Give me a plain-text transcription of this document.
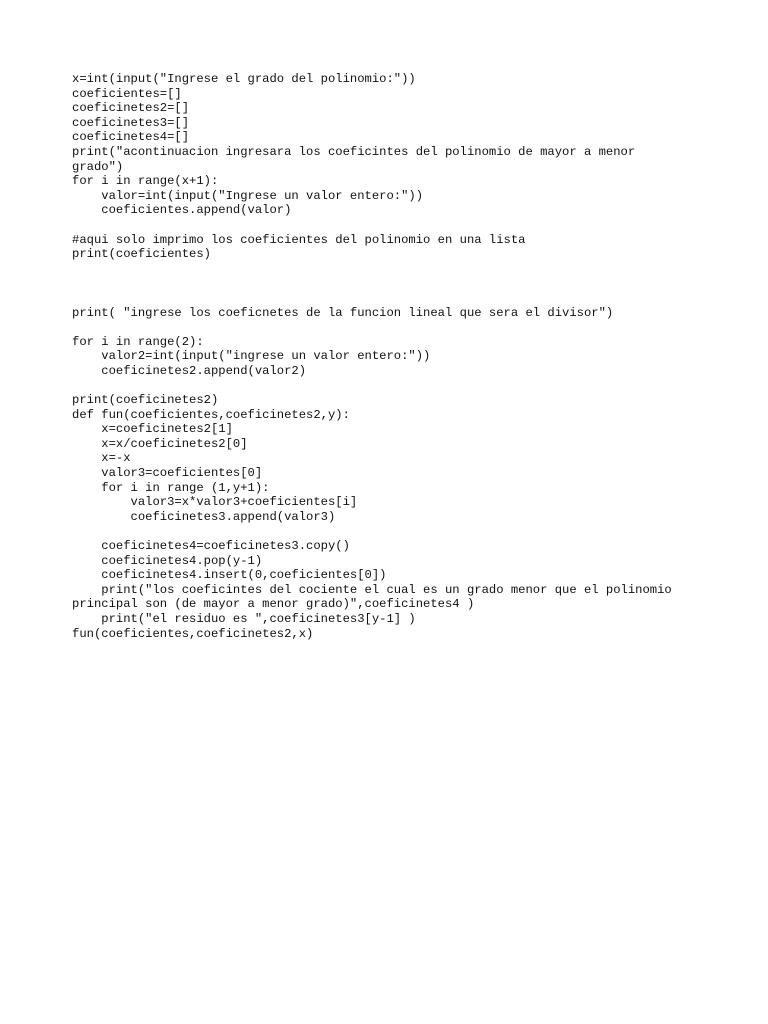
x=int(input("Ingrese el grado del polinomio:"))
coeficientes=[]
coeficinetes2=[]
coeficinetes3=[]
coeficinetes4=[]
print("acontinuacion ingresara los coeficintes del polinomio de mayor a menor
grado")
for i in range(x+1):
valor=int(input("Ingrese un valor entero:"))
coeficientes.append(valor)
#aqui solo imprimo los coeficientes del polinomio en una lista
print(coeficientes)
print( "ingrese los coeficnetes de la funcion lineal que sera el divisor")
for i in range(2):
valor2=int(input("ingrese un valor entero:"))
coeficinetes2.append(valor2)
print(coeficinetes2)
def fun(coeficientes,coeficinetes2,y):
x=coeficinetes2[1]
x=x/coeficinetes2[0]
x=-x
valor3=coeficientes[0]
for i in range (1,y+1):
valor3=x*valor3+coeficientes[i]
coeficinetes3.append(valor3)
coeficinetes4=coeficinetes3.copy()
coeficinetes4.pop(y-1)
coeficinetes4.insert(0,coeficientes[0])
print("los coeficintes del cociente el cual es un grado menor que el polinomio
principal son (de mayor a menor grado)",coeficinetes4 )
print("el residuo es ",coeficinetes3[y-1] )
fun(coeficientes,coeficinetes2,x)
